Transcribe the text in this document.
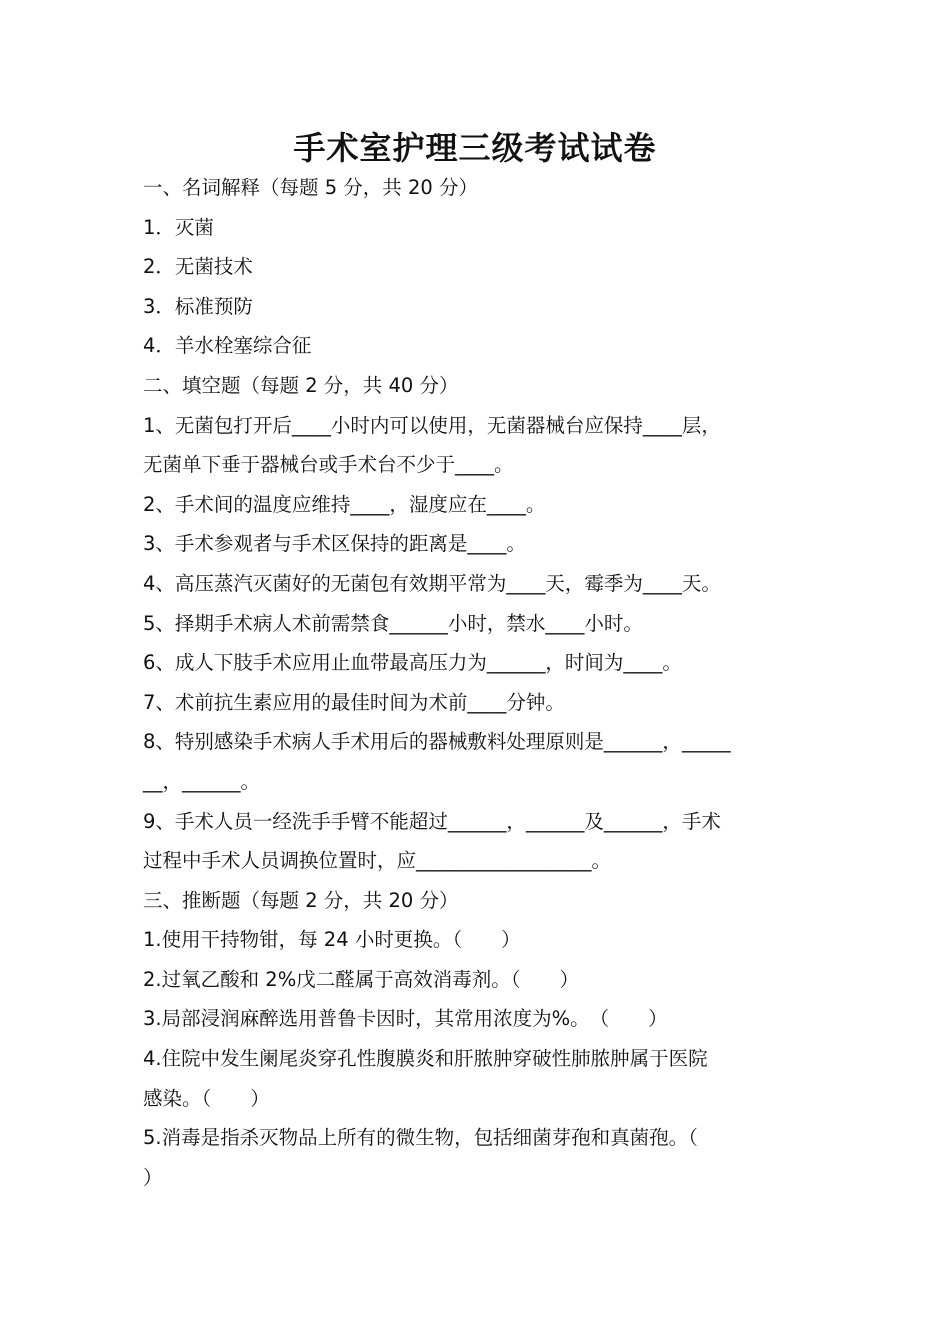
手术室护理三级考试试卷

一、名词解释（每题 5 分，共 20 分）

1．灭菌

2．无菌技术

3．标准预防

4．羊水栓塞综合征

二、填空题（每题 2 分，共 40 分）

1、无菌包打开后____小时内可以使用，无菌器械台应保持____层，

无菌单下垂于器械台或手术台不少于____。

2、手术间的温度应维持____，湿度应在____。

3、手术参观者与手术区保持的距离是____。

4、高压蒸汽灭菌好的无菌包有效期平常为____天，霉季为____天。

5、择期手术病人术前需禁食______小时，禁水____小时。

6、成人下肢手术应用止血带最高压力为______，时间为____。

7、术前抗生素应用的最佳时间为术前____分钟。

8、特别感染手术病人手术用后的器械敷料处理原则是______，_____

__，______。

9、手术人员一经洗手手臂不能超过______，______及______，手术

过程中手术人员调换位置时，应__________________。

三、推断题（每题 2 分，共 20 分）

1.使用干持物钳，每 24 小时更换。（　　）

2.过氧乙酸和 2%戊二醛属于高效消毒剂。（　　）

3.局部浸润麻醉选用普鲁卡因时，其常用浓度为%。　（　　）

4.住院中发生阑尾炎穿孔性腹膜炎和肝脓肿穿破性肺脓肿属于医院

感染。（　　）

5.消毒是指杀灭物品上所有的微生物，包括细菌芽孢和真菌孢。（

）
